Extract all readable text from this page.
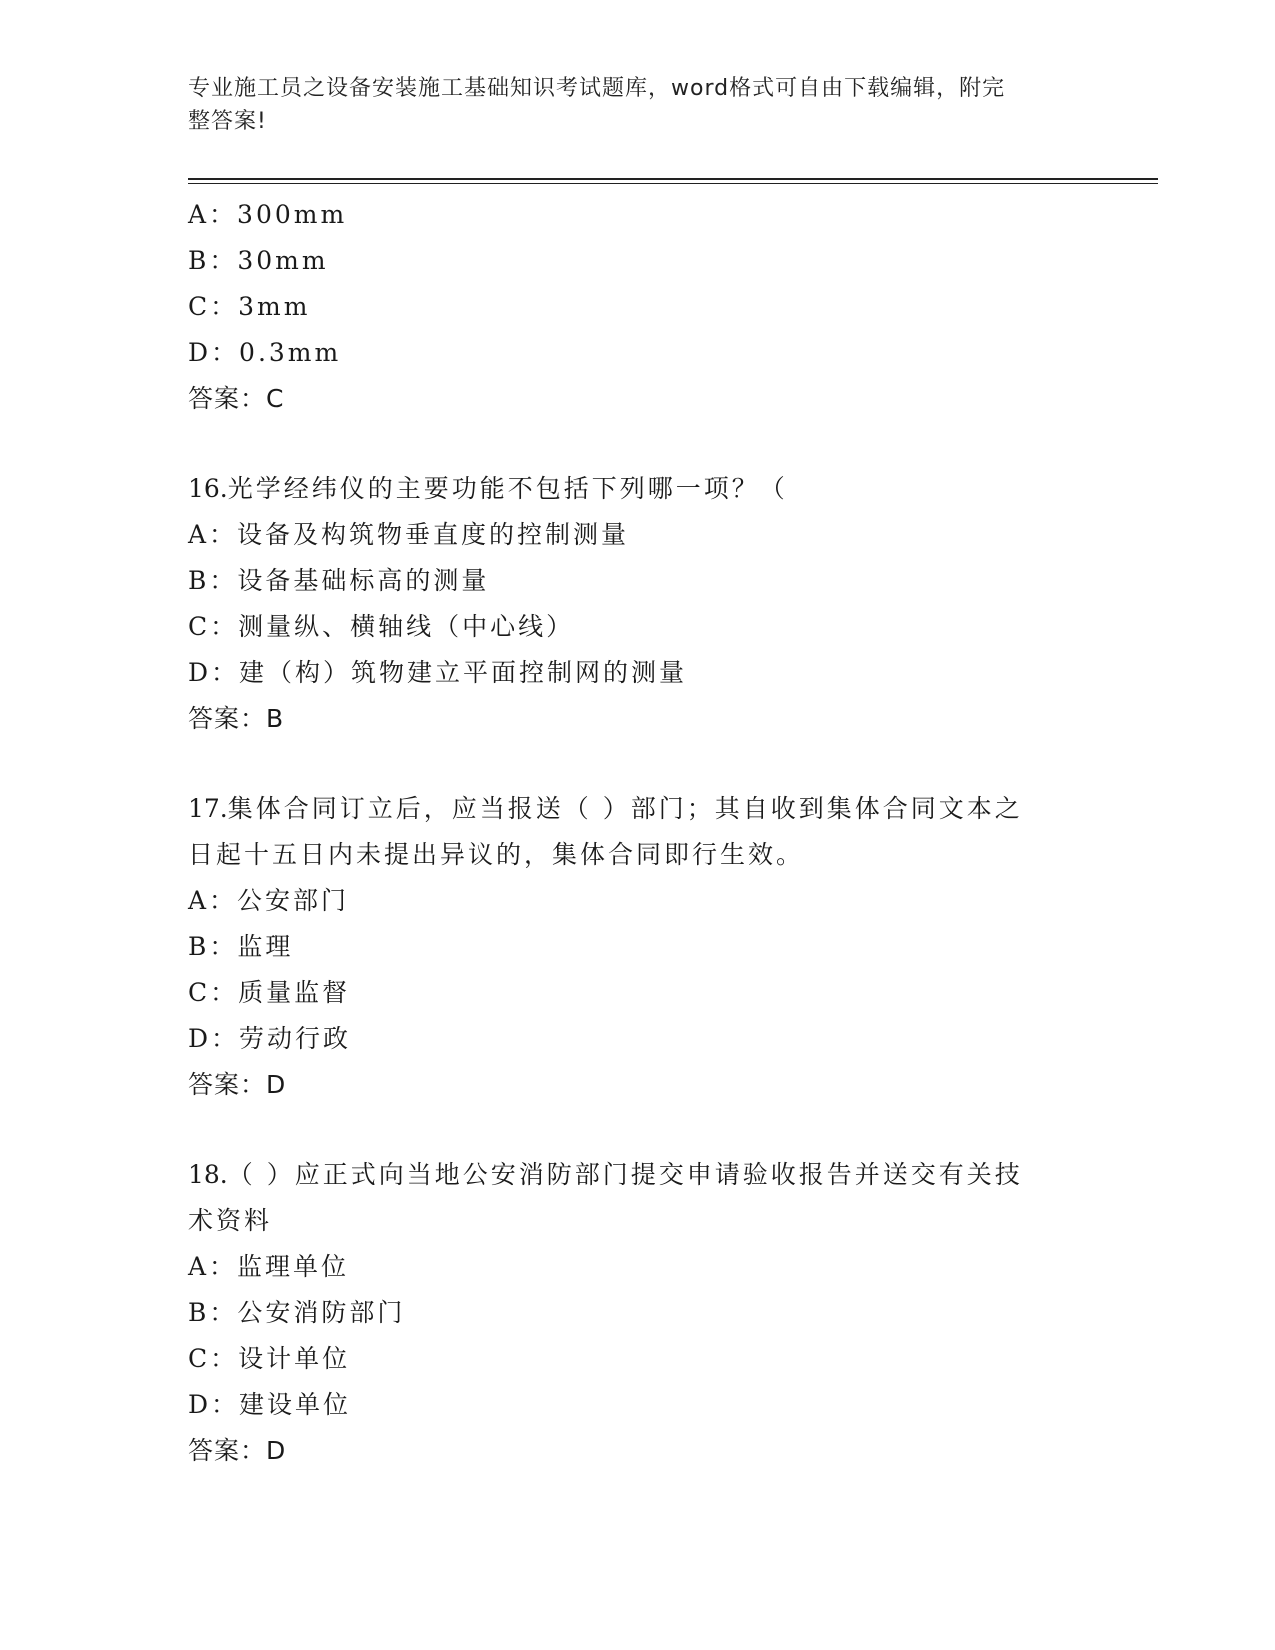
专业施工员之设备安装施工基础知识考试题库，word格式可自由下载编辑，附完
整答案!
A：300mm
B：30mm
C：3mm
D：0.3mm
答案：C
16.光学经纬仪的主要功能不包括下列哪一项？（
A：设备及构筑物垂直度的控制测量
B：设备基础标高的测量
C：测量纵、横轴线（中心线）
D：建（构）筑物建立平面控制网的测量
答案：B
17.集体合同订立后，应当报送（ ）部门；其自收到集体合同文本之
日起十五日内未提出异议的，集体合同即行生效。
A：公安部门
B：监理
C：质量监督
D：劳动行政
答案：D
18.（ ）应正式向当地公安消防部门提交申请验收报告并送交有关技
术资料
A：监理单位
B：公安消防部门
C：设计单位
D：建设单位
答案：D
